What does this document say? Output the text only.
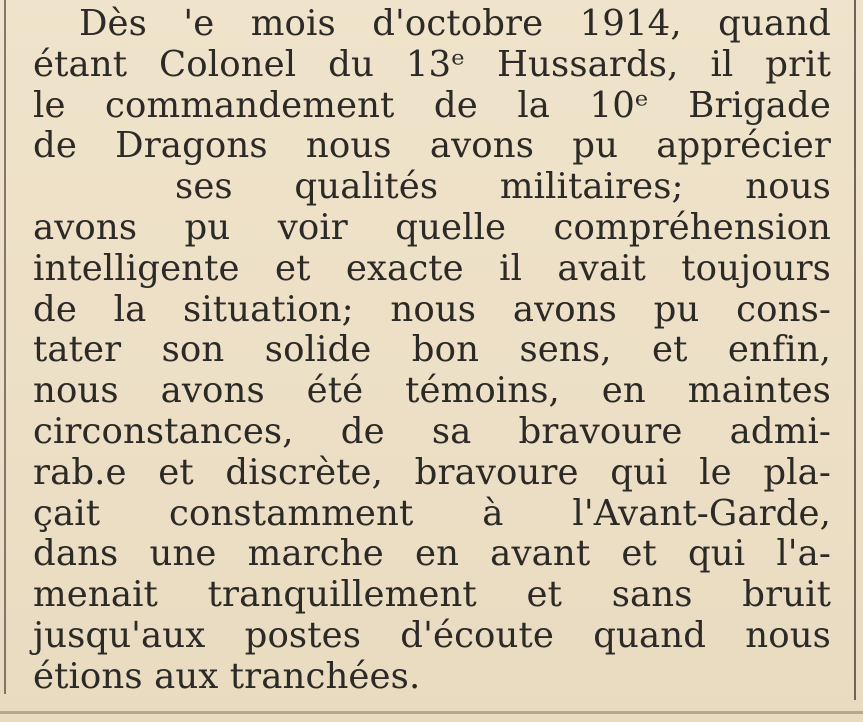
Dès 'e mois d'octobre 1914, quand
étant Colonel du 13ᵉ Hussards, il prit
le commandement de la 10ᵉ Brigade
de Dragons nous avons pu apprécier
ses qualités militaires; nous
avons pu voir quelle compréhension
intelligente et exacte il avait toujours
de la situation; nous avons pu cons-
tater son solide bon sens, et enfin,
nous avons été témoins, en maintes
circonstances, de sa bravoure admi-
rab.e et discrète, bravoure qui le pla-
çait constamment à l'Avant-Garde,
dans une marche en avant et qui l'a-
menait tranquillement et sans bruit
jusqu'aux postes d'écoute quand nous
étions aux tranchées.
